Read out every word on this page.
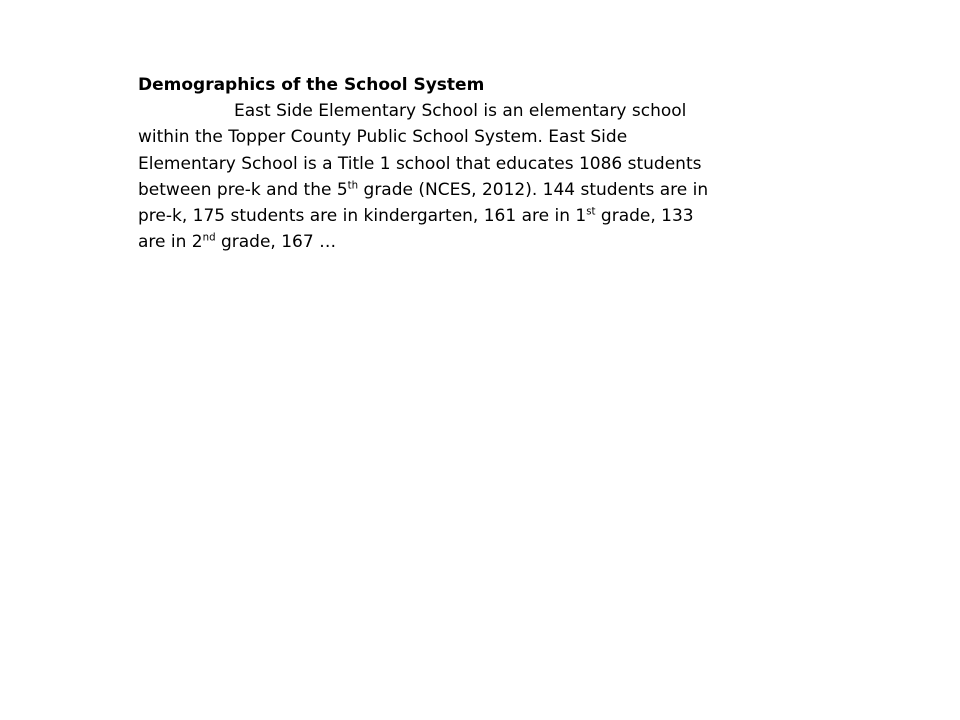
Demographics of the School System

East Side Elementary School is an elementary school

within the Topper County Public School System. East Side

Elementary School is a Title 1 school that educates 1086 students

between pre-k and the 5th grade (NCES, 2012). 144 students are in

pre-k, 175 students are in kindergarten, 161 are in 1st grade, 133

are in 2nd grade, 167 …
